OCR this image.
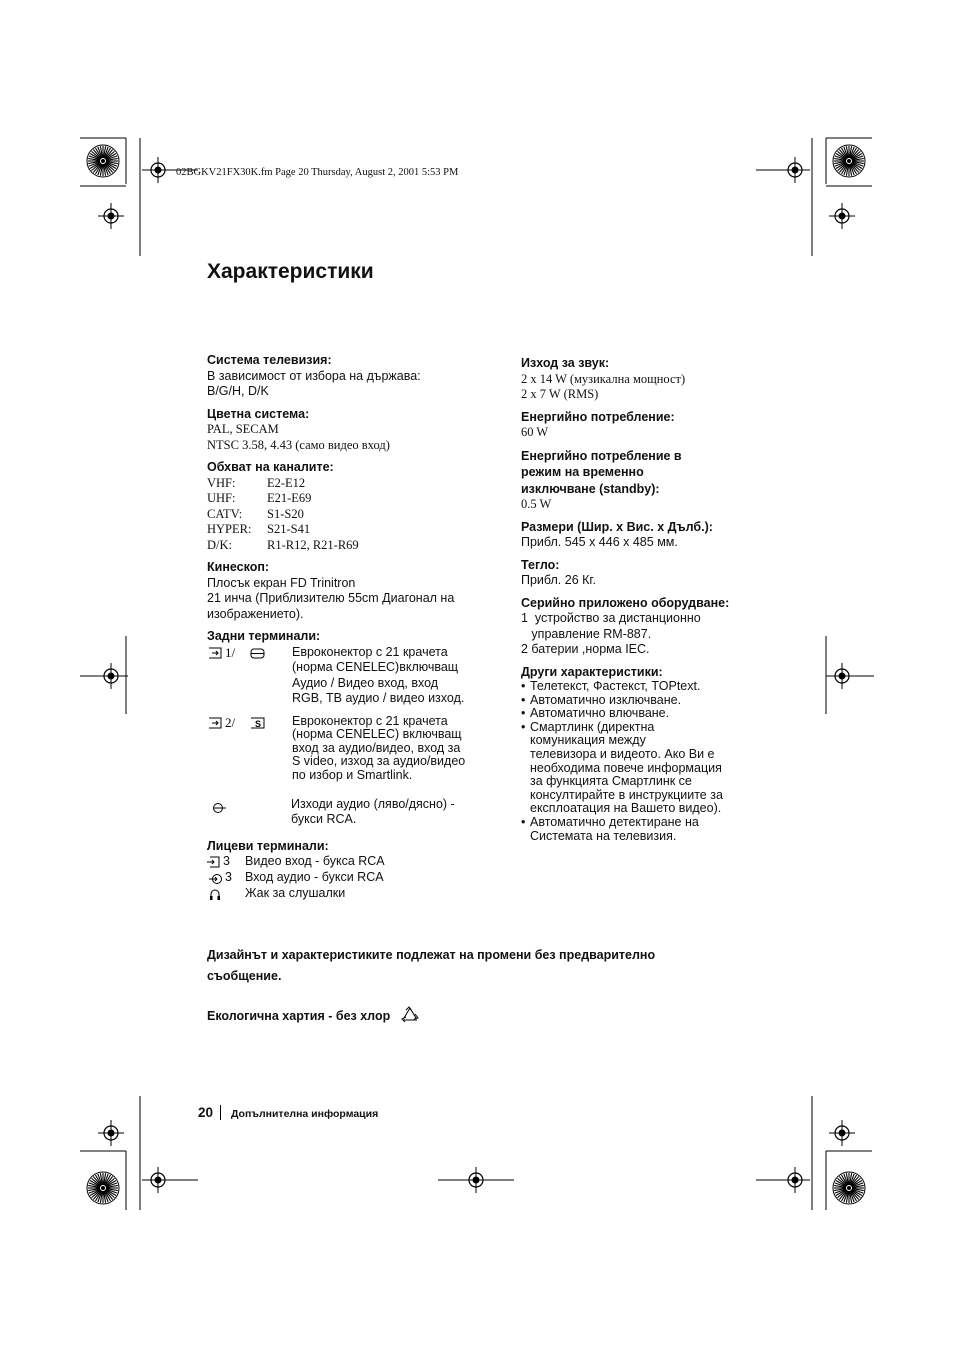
02BGKV21FX30K.fm Page 20 Thursday, August 2, 2001 5:53 PM
Характеристики
Система телевизия:
В зависимост от избора на държава:
B/G/H, D/K
Цветна система:
PAL, SECAM
NTSC 3.58, 4.43 (само видео вход)
Обхват на каналите:
VHF:	E2-E12
UHF:	E21-E69
CATV: S1-S20
HYPER: S21-S41
D/K:	R1-R12, R21-R69
Кинескоп:
Плосък екран FD Trinitron
21 инча (Приблизителю 55cm Диагонал на
изображението).
Задни терминали:
1/	Евроконектор с 21 крачета
(норма CENELEC)включващ
Аудио / Видео вход, вход
RGB, ТВ аудио / видео изход.
2/ S Евроконектор с 21 крачета
(норма CENELEC) включващ
вход за аудио/видео, вход за
S video, изход за аудио/видео
по избор и Smartlink.
Изходи аудио (ляво/дясно) -
букси RCA.
Лицеви терминали:
3 Видео вход - букса RCA
3 Вход аудио - букси RCA
Жак за слушалки
Изход за звук:
2 x 14 W (музикална мощност)
2 x 7 W (RMS)
Енергийно потребление:
60 W
Енергийно потребление в
режим на временно
изключване (standby):
0.5 W
Размери (Шир. x Вис. x Дълб.):
Прибл. 545 x 446 x 485 мм.
Тегло:
Прибл. 26 Кг.
Серийно приложено оборудване:
1  устройство за дистанционно
управление RM-887.
2 батерии ,норма IEC.
Други характеристики:
• Телетекст, Фастекст, TOPtext.
• Автоматично изключване.
• Автоматично влючване.
• Смартлинк (директна
комуникация между
телевизора и видеото. Ако Ви е
необходима повече информация
за функцията Смартлинк се
консултирайте в инструкциите за
експлоатация на Вашето видео).
• Автоматично детектиране на
Системата на телевизия.
Дизайнът и характеристиките подлежат на промени без предварително
съобщение.
Екологична хартия - без хлор
20 Допълнителна информация
